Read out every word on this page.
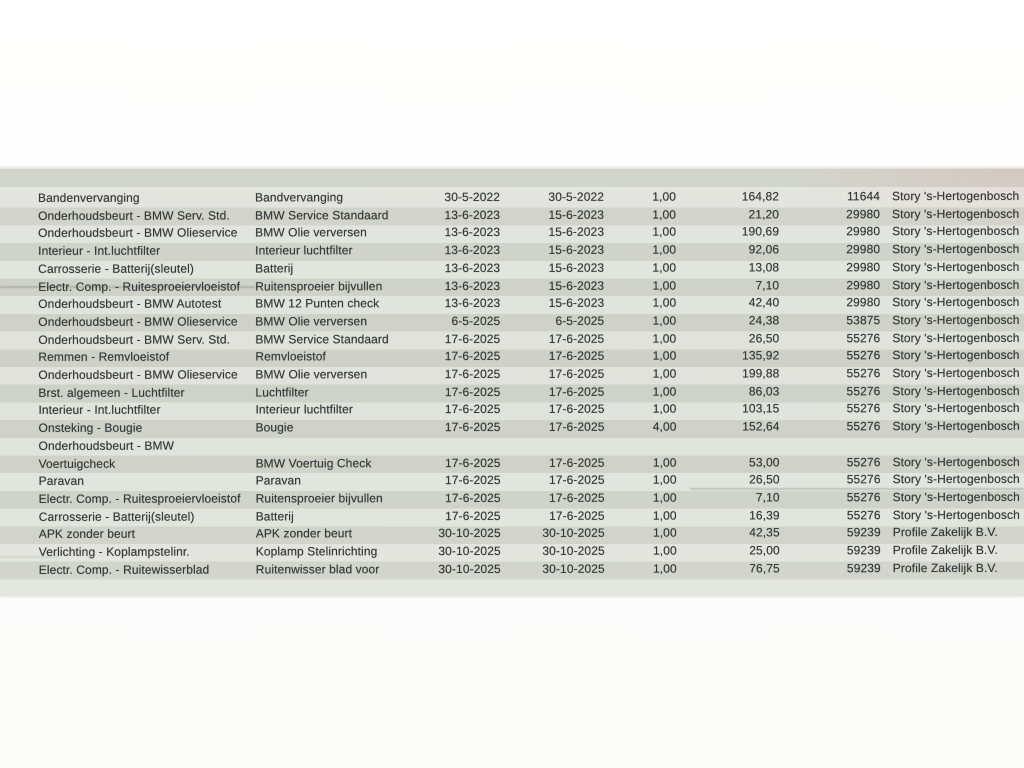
Bandenvervanging	Bandvervanging	30-5-2022	30-5-2022	1,00	164,82	11644 Story 's-Hertogenbosch
Onderhoudsbeurt - BMW Serv. Std.	BMW Service Standaard	13-6-2023	15-6-2023	1,00	21,20	29980 Story 's-Hertogenbosch
Onderhoudsbeurt - BMW Olieservice	BMW Olie verversen	13-6-2023	15-6-2023	1,00	190,69	29980 Story 's-Hertogenbosch
Interieur - Int.luchtfilter	Interieur luchtfilter	13-6-2023	15-6-2023	1,00	92,06	29980 Story 's-Hertogenbosch
Carrosserie - Batterij(sleutel)	Batterij	13-6-2023	15-6-2023	1,00	13,08	29980 Story 's-Hertogenbosch
Electr. Comp. - Ruitesproeiervloeistof	Ruitensproeier bijvullen	13-6-2023	15-6-2023	1,00	7,10	29980 Story 's-Hertogenbosch
Onderhoudsbeurt - BMW Autotest	BMW 12 Punten check	13-6-2023	15-6-2023	1,00	42,40	29980 Story 's-Hertogenbosch
Onderhoudsbeurt - BMW Olieservice	BMW Olie verversen	6-5-2025	6-5-2025	1,00	24,38	53875 Story 's-Hertogenbosch
Onderhoudsbeurt - BMW Serv. Std.	BMW Service Standaard	17-6-2025	17-6-2025	1,00	26,50	55276 Story 's-Hertogenbosch
Remmen - Remvloeistof	Remvloeistof	17-6-2025	17-6-2025	1,00	135,92	55276 Story 's-Hertogenbosch
Onderhoudsbeurt - BMW Olieservice	BMW Olie verversen	17-6-2025	17-6-2025	1,00	199,88	55276 Story 's-Hertogenbosch
Brst. algemeen - Luchtfilter	Luchtfilter	17-6-2025	17-6-2025	1,00	86,03	55276 Story 's-Hertogenbosch
Interieur - Int.luchtfilter	Interieur luchtfilter	17-6-2025	17-6-2025	1,00	103,15	55276 Story 's-Hertogenbosch
Onsteking - Bougie	Bougie	17-6-2025	17-6-2025	4,00	152,64	55276 Story 's-Hertogenbosch
Onderhoudsbeurt - BMW
Voertuigcheck	BMW Voertuig Check	17-6-2025	17-6-2025	1,00	53,00	55276 Story 's-Hertogenbosch
Paravan	Paravan	17-6-2025	17-6-2025	1,00	26,50	55276 Story 's-Hertogenbosch
Electr. Comp. - Ruitesproeiervloeistof	Ruitensproeier bijvullen	17-6-2025	17-6-2025	1,00	7,10	55276 Story 's-Hertogenbosch
Carrosserie - Batterij(sleutel)	Batterij	17-6-2025	17-6-2025	1,00	16,39	55276 Story 's-Hertogenbosch
APK zonder beurt	APK zonder beurt	30-10-2025	30-10-2025	1,00	42,35	59239 Profile Zakelijk B.V.
Verlichting - Koplampstelinr.	Koplamp Stelinrichting	30-10-2025	30-10-2025	1,00	25,00	59239 Profile Zakelijk B.V.
Electr. Comp. - Ruitewisserblad	Ruitenwisser blad voor	30-10-2025	30-10-2025	1,00	76,75	59239 Profile Zakelijk B.V.
